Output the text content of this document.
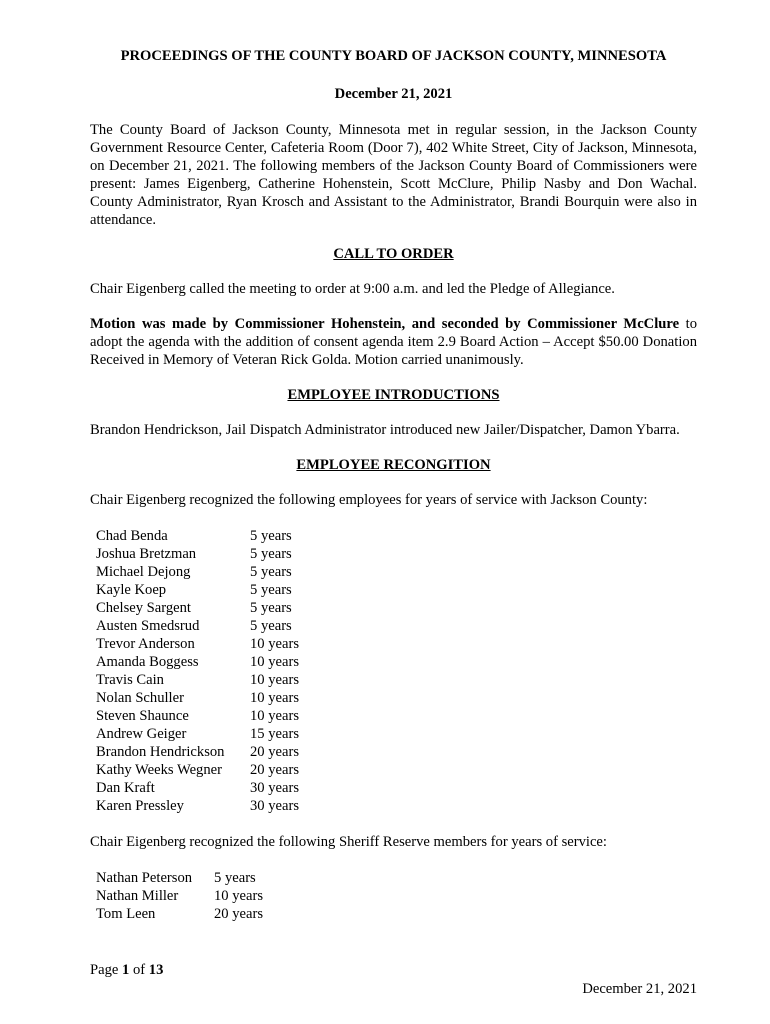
PROCEEDINGS OF THE COUNTY BOARD OF JACKSON COUNTY, MINNESOTA

December 21, 2021

The County Board of Jackson County, Minnesota met in regular session, in the Jackson County Government Resource Center, Cafeteria Room (Door 7), 402 White Street, City of Jackson, Minnesota, on December 21, 2021. The following members of the Jackson County Board of Commissioners were present: James Eigenberg, Catherine Hohenstein, Scott McClure, Philip Nasby and Don Wachal. County Administrator, Ryan Krosch and Assistant to the Administrator, Brandi Bourquin were also in attendance.

CALL TO ORDER

Chair Eigenberg called the meeting to order at 9:00 a.m. and led the Pledge of Allegiance.

Motion was made by Commissioner Hohenstein, and seconded by Commissioner McClure to adopt the agenda with the addition of consent agenda item 2.9 Board Action – Accept $50.00 Donation Received in Memory of Veteran Rick Golda. Motion carried unanimously.

EMPLOYEE INTRODUCTIONS

Brandon Hendrickson, Jail Dispatch Administrator introduced new Jailer/Dispatcher, Damon Ybarra.

EMPLOYEE RECONGITION

Chair Eigenberg recognized the following employees for years of service with Jackson County:

Chad Benda	5 years
Joshua Bretzman	5 years
Michael Dejong	5 years
Kayle Koep	5 years
Chelsey Sargent	5 years
Austen Smedsrud	5 years
Trevor Anderson	10 years
Amanda Boggess	10 years
Travis Cain	10 years
Nolan Schuller	10 years
Steven Shaunce	10 years
Andrew Geiger	15 years
Brandon Hendrickson	20 years
Kathy Weeks Wegner	20 years
Dan Kraft	30 years
Karen Pressley	30 years

Chair Eigenberg recognized the following Sheriff Reserve members for years of service:

Nathan Peterson	5 years
Nathan Miller	10 years
Tom Leen	20 years
Page 1 of 13
December 21, 2021
